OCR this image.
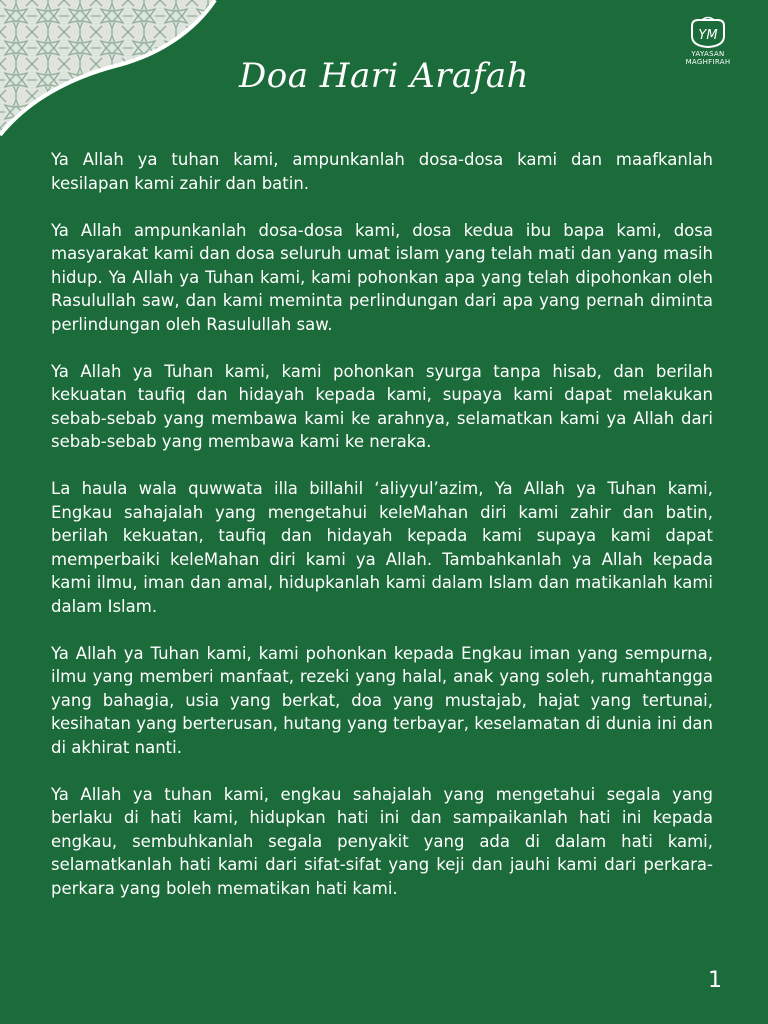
YM
YAYASAN
MAGHFIRAH
Doa Hari Arafah

Ya Allah ya tuhan kami, ampunkanlah dosa-dosa kami dan maafkanlah kesilapan kami zahir dan batin.

Ya Allah ampunkanlah dosa-dosa kami, dosa kedua ibu bapa kami, dosa masyarakat kami dan dosa seluruh umat islam yang telah mati dan yang masih hidup. Ya Allah ya Tuhan kami, kami pohonkan apa yang telah dipohonkan oleh Rasulullah saw, dan kami meminta perlindungan dari apa yang pernah diminta perlindungan oleh Rasulullah saw.

Ya Allah ya Tuhan kami, kami pohonkan syurga tanpa hisab, dan berilah kekuatan taufiq dan hidayah kepada kami, supaya kami dapat melakukan sebab-sebab yang membawa kami ke arahnya, selamatkan kami ya Allah dari sebab-sebab yang membawa kami ke neraka.

La haula wala quwwata illa billahil ‘aliyyul’azim, Ya Allah ya Tuhan kami, Engkau sahajalah yang mengetahui keleMahan diri kami zahir dan batin, berilah kekuatan, taufiq dan hidayah kepada kami supaya kami dapat memperbaiki keleMahan diri kami ya Allah. Tambahkanlah ya Allah kepada kami ilmu, iman dan amal, hidupkanlah kami dalam Islam dan matikanlah kami dalam Islam.

Ya Allah ya Tuhan kami, kami pohonkan kepada Engkau iman yang sempurna, ilmu yang memberi manfaat, rezeki yang halal, anak yang soleh, rumahtangga yang bahagia, usia yang berkat, doa yang mustajab, hajat yang tertunai, kesihatan yang berterusan, hutang yang terbayar, keselamatan di dunia ini dan di akhirat nanti.

Ya Allah ya tuhan kami, engkau sahajalah yang mengetahui segala yang berlaku di hati kami, hidupkan hati ini dan sampaikanlah hati ini kepada engkau, sembuhkanlah segala penyakit yang ada di dalam hati kami, selamatkanlah hati kami dari sifat-sifat yang keji dan jauhi kami dari perkara-perkara yang boleh mematikan hati kami.

1
